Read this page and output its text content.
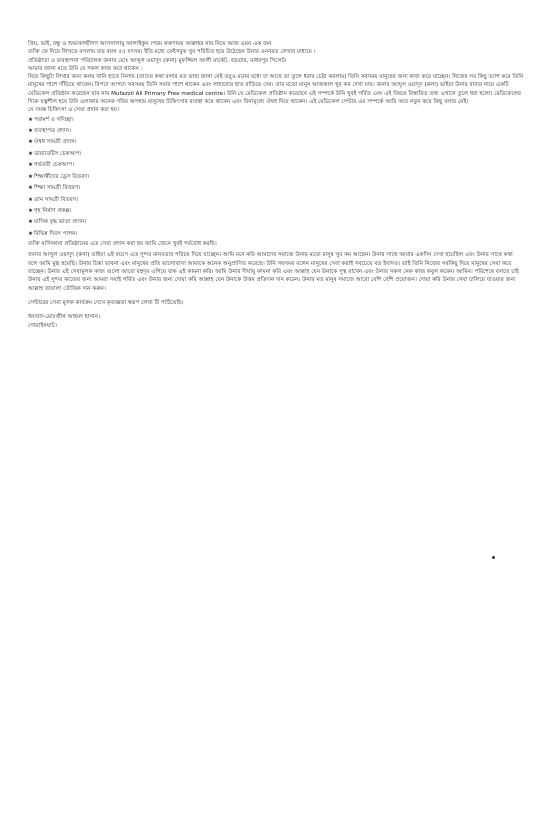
প্রিয়, ভাই, বন্ধু ও শুভাকাঙ্খীগণ আসসালামু আলাইকুম ।পরম করুণাময় আল্লাহর নাম নিয়ে আজ এমন এক জন
ব্যক্তি কে নিয়ে লিখতে বসলাম যার বয়স ৫৫ বৎসর। ইতি মধ্যে ফেইসবুক খুব পরিচিত হয়ে উঠেছেন উনার ওনবরত লেখার মাধ্যমে ।
প্রতিষ্ঠাতা ও ব্যবস্থাপনা পরিচালক জনাব মোঃ আব্দুল ওয়াদুদ (রুনা) মুফজ্জিল আলী মার্কেট, বড়গ্রাম, মাধবপুর সিলেট।
আমার জানা মতে উনি যে সকল কাজ করে থাকেন :
নিয়ে কিছুটা লিখার জন্য কলম খানি হাতে নিলাম (তাদের কথা বলার মত ভাষা জানা নেই তবুও মনের মধ্যে যা আছে তা তুলে ধরার চেষ্টা করলাম) তিনি সবসময় মানুষের জন্য কাজ করে যাচ্ছেন। নিজের সব কিছু ত্যাগ করে তিনি মানুষের পাশে দাঁড়িয়ে থাকেন। বিপদে আপদে সবসময় তিনি সবার পাশে থাকেন এবং সাহায্যের হাত বাড়িয়ে দেন। তার মতো মানুষ আজকাল খুব কম দেখা যায়। জনাব আব্দুল ওয়াদুদ (রুনা) ভাইয়া উনার বাবার নামে একটি মেডিকেল প্রতিষ্ঠান করেছেন যার নাম Mufazzil Ali Primary Free medical centre। উনি যে মেডিকেল প্রতিষ্ঠান করেছেন এই সম্পর্কে উনি খুবই গর্বিত এবং এই বিষয়ে বিস্তারিত তথ্য এখানে তুলে ধরা হলো। মেডিকেলের দিকে যত্নশীল হয়ে উনি এলাকার অনেক গরিব অসহায় মানুষের চিকিৎসার ব্যবস্থা করে থাকেন এবং বিনামূল্যে ঔষধ দিয়ে থাকেন। এই মেডিকেল সেন্টার এর সম্পর্কে আমি আর নতুন করে কিছু বলার নেই।
যে সমস্ত চিকিৎসা ও সেবা প্রদান করা হয়।
★পরামর্শ ও সদিচ্ছা।
★ব্যবস্থাপত্র প্রদান।
★ঔষধ সামগ্রী প্রদান।
★ডায়াবেটিস চেকআপ।
★গর্ভবতী চেকআপ।
★শিক্ষার্থীদের ড্রেস বিতরণ।
★শিক্ষা সামগ্রী বিতরণ।
★ত্রান সামগ্রী বিতরণ।
★গৃহ নির্মাণ প্রকল্প।
★মাসিক বৃদ্ধ ভাতা প্রদান।
★বিভিন্ন দিবস পালন।
ব্যক্তি মালিকানা প্রতিষ্ঠানের এত সেবা প্রদান করা হয় আমি জেনে খুবই গর্ববোধ করছি।
জনাব আব্দুল ওয়াদুদ (রুনা) ভাইয়া এই বয়সে এত সুন্দর মানবতার পরিচয় দিয়ে যাচ্ছেন। আমি মনে করি আমাদের সমাজে উনার মতো মানুষ খুব কম আছেন। উনার সাথে আমার একদিন দেখা হয়েছিল এবং উনার সাথে কথা বলে আমি মুগ্ধ হয়েছি। উনার চিন্তা ভাবনা এবং মানুষের প্রতি ভালোবাসা আমাকে অনেক অনুপ্রাণিত করেছে। উনি সবসময় বলেন মানুষের সেবা করাই সবচেয়ে বড় ইবাদত। তাই তিনি নিজের সবকিছু দিয়ে মানুষের সেবা করে যাচ্ছেন। উনার এই সেবামূলক কাজ গুলো আরো বহুদূর এগিয়ে যাক এই কামনা করি। আমি উনার দীর্ঘায়ু কামনা করি এবং আল্লাহ যেন উনাকে সুস্থ রাখেন এবং উনার সকল নেক কাজ কবুল করেন। আমিন। পরিশেষে বলতে চাই উনার এই সুন্দর কাজের জন্য আমরা সবাই গর্বিত এবং উনার জন্য দোয়া করি আল্লাহ যেন উনাকে উত্তম প্রতিদান দান করেন। উনার মত মানুষ সমাজে আরো বেশি বেশি প্রয়োজন। দোয়া করি উনার সেবা চালিয়ে যাওয়ার জন্য আল্লাহ তায়ালা তৌফিক দান করুন।
সেন্টারের সেবা মূলক কার্যক্রম দেখে কৃতজ্ঞতা স্বরূপ লেখা টি পাঠিয়েছি।
ধন্যবাদ-মোঃজীন আহমদ হাসান।
গোয়াইনঘাট।
